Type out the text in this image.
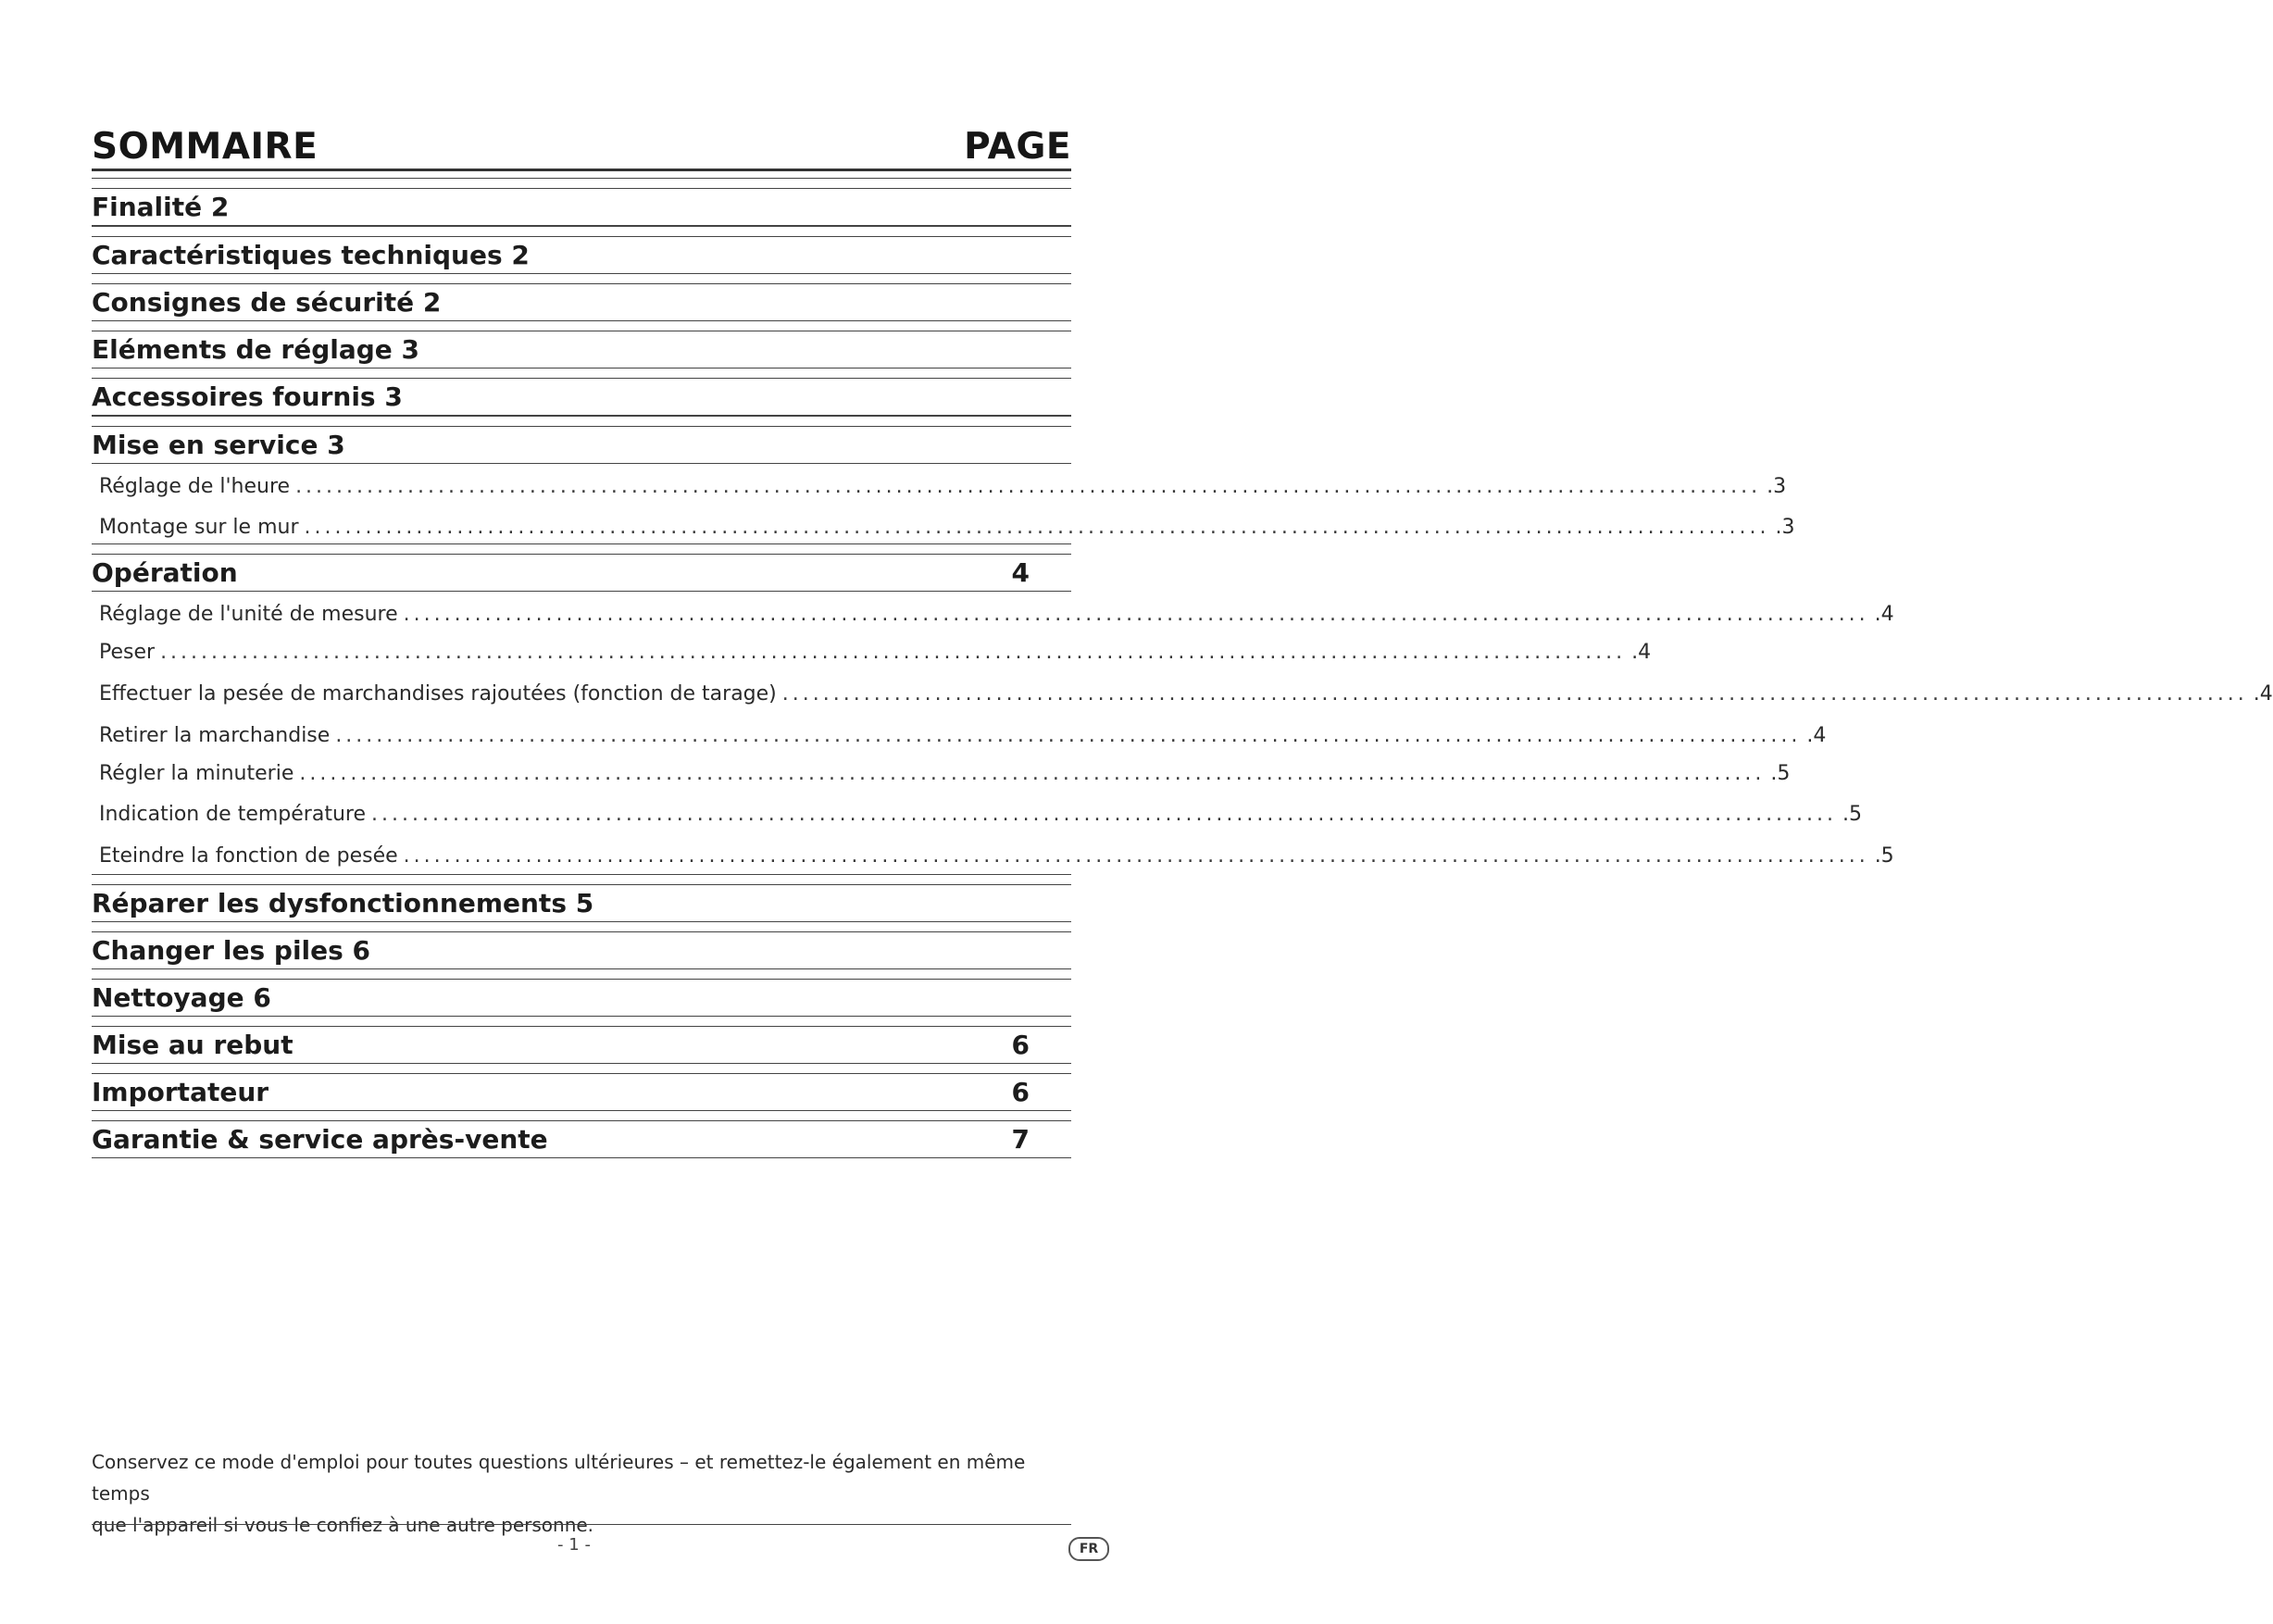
SOMMAIRE	PAGE
Finalité 2
Caractéristiques techniques 2
Consignes de sécurité 2
Eléments de réglage 3
Accessoires fournis 3
Mise en service 3
Réglage de l'heure ................................................................................................................................................ .3
Montage sur le mur ................................................................................................................................................ .3
Opération	4
Réglage de l'unité de mesure ................................................................................................................................................ .4
Peser ................................................................................................................................................ .4
Effectuer la pesée de marchandises rajoutées (fonction de tarage) ................................................................................................................................................ .4
Retirer la marchandise ................................................................................................................................................ .4
Régler la minuterie ................................................................................................................................................ .5
Indication de température ................................................................................................................................................ .5
Eteindre la fonction de pesée ................................................................................................................................................ .5
Réparer les dysfonctionnements 5
Changer les piles 6
Nettoyage 6
Mise au rebut	6
Importateur	6
Garantie & service après-vente	7
Conservez ce mode d'emploi pour toutes questions ultérieures – et remettez-le également en même temps
que l'appareil si vous le confiez à une autre personne.
- 1 -	FR
